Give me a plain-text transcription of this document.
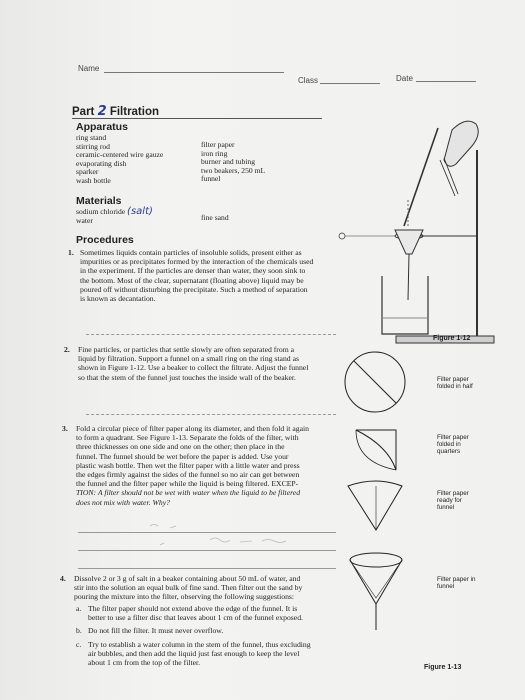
Name
Class	Date
Part 2 Filtration
Apparatus
ring stand
stirring rod
ceramic-centered wire gauze
evaporating dish
sparker
wash bottle
filter paper
iron ring
burner and tubing
two beakers, 250 mL
funnel
Materials
sodium chloride (salt)
water	fine sand
Procedures
1. Sometimes liquids contain particles of insoluble solids, present either as
impurities or as precipitates formed by the interaction of the chemicals used
in the experiment. If the particles are denser than water, they soon sink to
the bottom. Most of the clear, supernatant (floating above) liquid may be
poured off without disturbing the precipitate. Such a method of separation
is known as decantation.
2. Fine particles, or particles that settle slowly are often separated from a
liquid by filtration. Support a funnel on a small ring on the ring stand as
shown in Figure 1-12. Use a beaker to collect the filtrate. Adjust the funnel
so that the stem of the funnel just touches the inside wall of the beaker.
3. Fold a circular piece of filter paper along its diameter, and then fold it again
to form a quadrant. See Figure 1-13. Separate the folds of the filter, with
three thicknesses on one side and one on the other; then place in the
funnel. The funnel should be wet before the paper is added. Use your
plastic wash bottle. Then wet the filter paper with a little water and press
the edges firmly against the sides of the funnel so no air can get between
the funnel and the filter paper while the liquid is being filtered. EXCEP-
TION: A filter should not be wet with water when the liquid to be filtered
does not mix with water. Why?
4. Dissolve 2 or 3 g of salt in a beaker containing about 50 mL of water, and
stir into the solution an equal bulk of fine sand. Then filter out the sand by
pouring the mixture into the filter, observing the following suggestions:
a. The filter paper should not extend above the edge of the funnel. It is
better to use a filter disc that leaves about 1 cm of the funnel exposed.
b. Do not fill the filter. It must never overflow.
c. Try to establish a water column in the stem of the funnel, thus excluding
air bubbles, and then add the liquid just fast enough to keep the level
about 1 cm from the top of the filter.
Figure 1-12
Filter paper folded in half
Filter paper folded in quarters
Filter paper ready for funnel
Filter paper in funnel
Figure 1-13
